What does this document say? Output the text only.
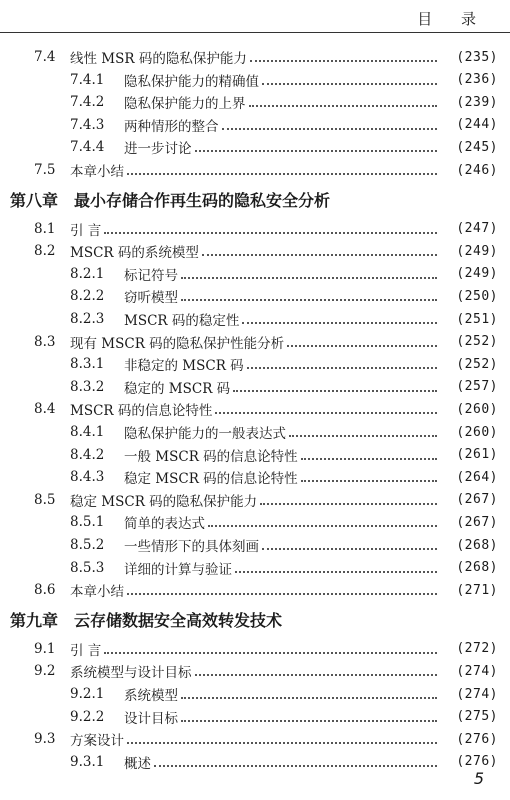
目 录
7.4	线性 MSR 码的隐私保护能力	(235)
7.4.1	隐私保护能力的精确值	(236)
7.4.2	隐私保护能力的上界	(239)
7.4.3	两种情形的整合	(244)
7.4.4	进一步讨论	(245)
7.5	本章小结	(246)
第八章 最小存储合作再生码的隐私安全分析
8.1	引 言	(247)
8.2	MSCR 码的系统模型	(249)
8.2.1	标记符号	(249)
8.2.2	窃听模型	(250)
8.2.3	MSCR 码的稳定性	(251)
8.3	现有 MSCR 码的隐私保护性能分析	(252)
8.3.1	非稳定的 MSCR 码	(252)
8.3.2	稳定的 MSCR 码	(257)
8.4	MSCR 码的信息论特性	(260)
8.4.1	隐私保护能力的一般表达式	(260)
8.4.2	一般 MSCR 码的信息论特性	(261)
8.4.3	稳定 MSCR 码的信息论特性	(264)
8.5	稳定 MSCR 码的隐私保护能力	(267)
8.5.1	简单的表达式	(267)
8.5.2	一些情形下的具体刻画	(268)
8.5.3	详细的计算与验证	(268)
8.6	本章小结	(271)
第九章 云存储数据安全高效转发技术
9.1	引 言	(272)
9.2	系统模型与设计目标	(274)
9.2.1	系统模型	(274)
9.2.2	设计目标	(275)
9.3	方案设计	(276)
9.3.1	概述	(276)
5
